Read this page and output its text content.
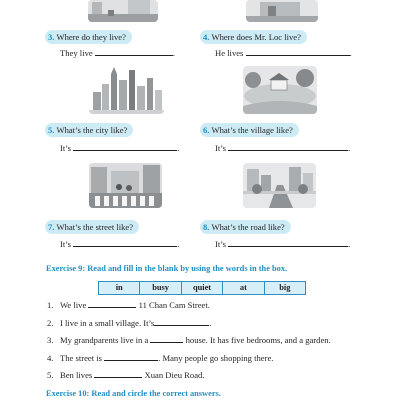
3. Where do they live?
They live	.
4. Where does Mr. Loc live?
He lives	.
5. What’s the city like?
It’s	.
6. What’s the village like?
It’s	.
7. What’s the street like?
It’s	.
8. What’s the road like?
It’s	.
Exercise 9: Read and fill in the blank by using the words in the box.
in	busy	quiet	at	big
1. We live	11 Chan Cam Street.
2. I live in a small village. It’s	.
3. My grandparents live in a	house. It has five bedrooms, and a garden.
4. The street is	. Many people go shopping there.
5. Ben lives	Xuan Dieu Road.
Exercise 10: Read and circle the correct answers.
